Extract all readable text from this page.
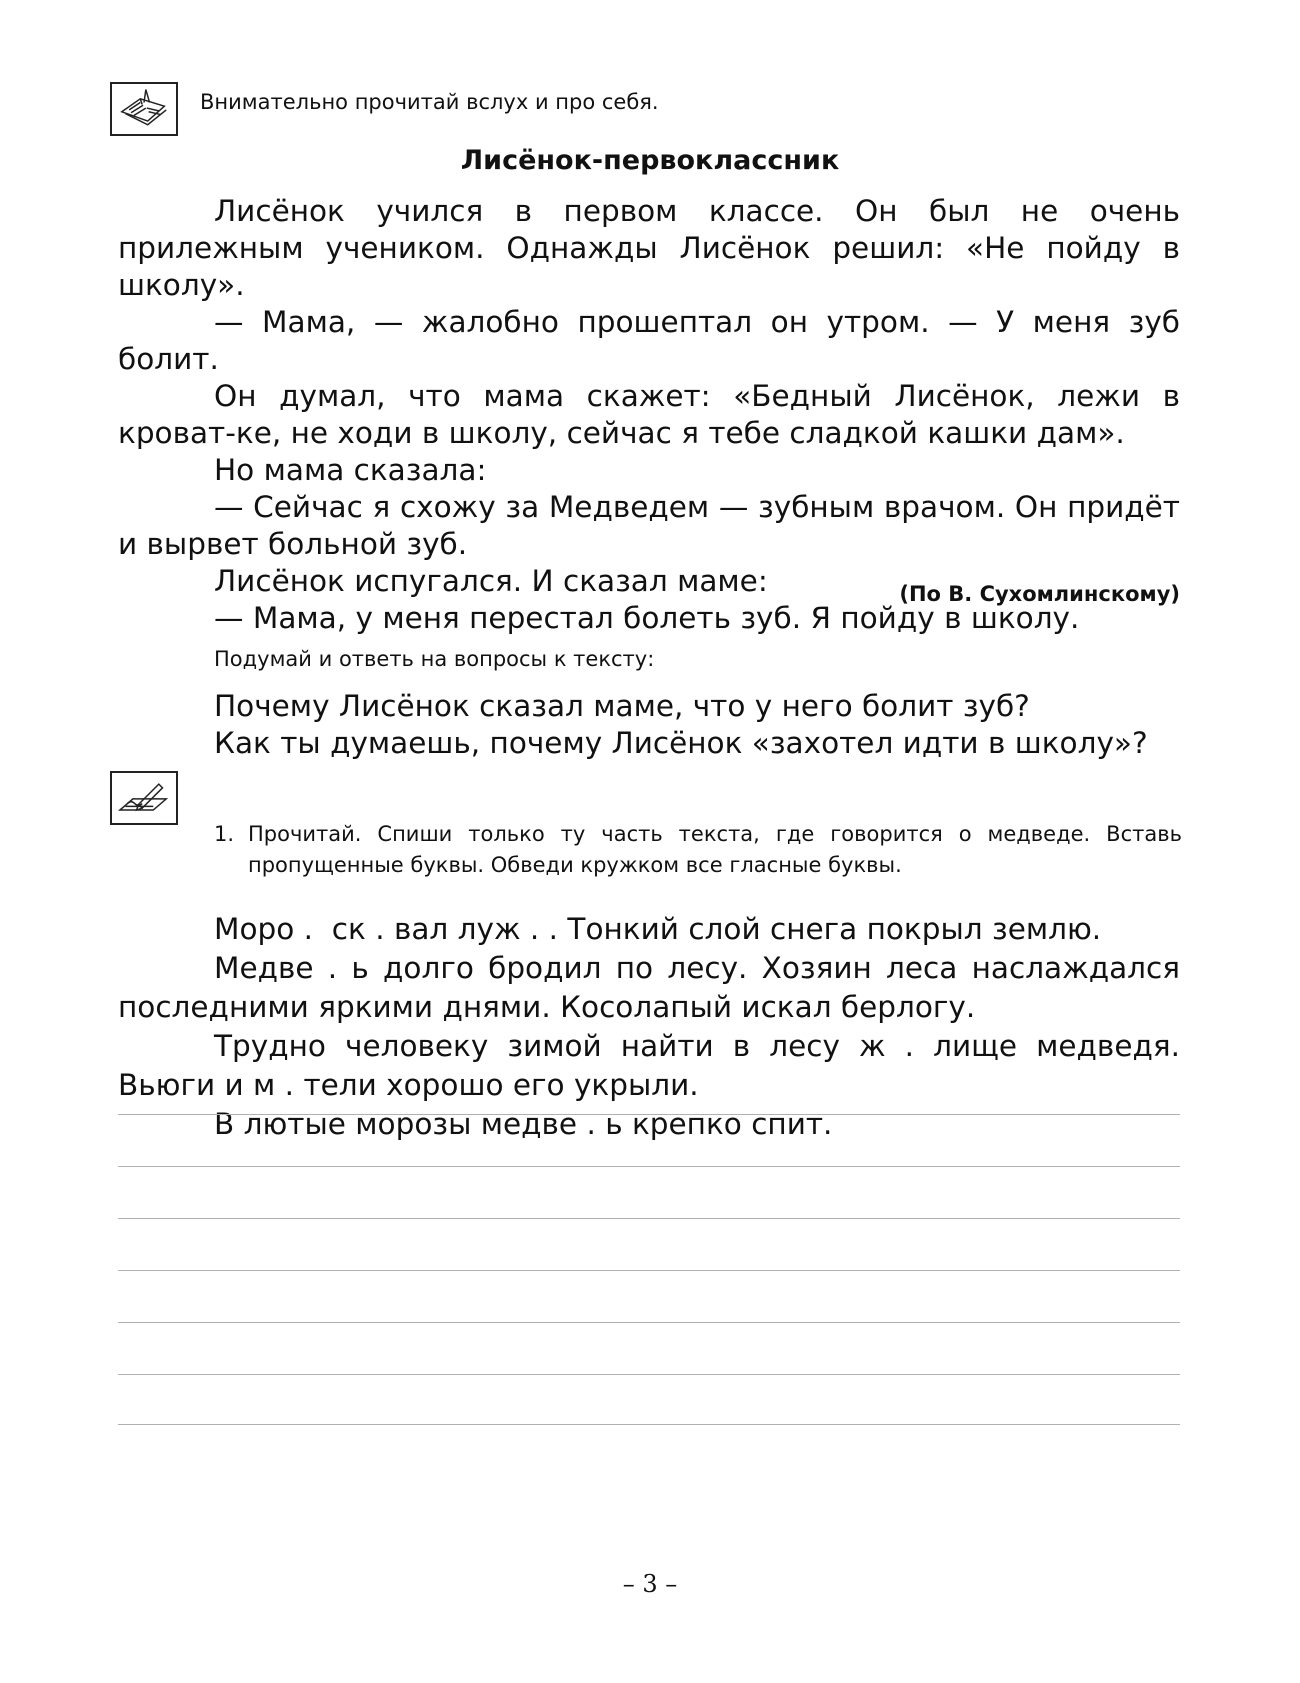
Внимательно прочитай вслух и про себя.
Лисёнок-первоклассник

Лисёнок учился в первом классе. Он был не очень прилежным учеником. Однажды Лисёнок решил: «Не пойду в школу».

— Мама, — жалобно прошептал он утром. — У меня зуб болит.

Он думал, что мама скажет: «Бедный Лисёнок, лежи в кроват-ке, не ходи в школу, сейчас я тебе сладкой кашки дам».

Но мама сказала:

— Сейчас я схожу за Медведем — зубным врачом. Он придёт и вырвет больной зуб.

Лисёнок испугался. И сказал маме:

— Мама, у меня перестал болеть зуб. Я пойду в школу.

(По В. Сухомлинскому)
Подумай и ответь на вопросы к тексту:
Почему Лисёнок сказал маме, что у него болит зуб?
Как ты думаешь, почему Лисёнок «захотел идти в школу»?
1. Прочитай. Спиши только ту часть текста, где говорится о медведе. Вставь пропущенные буквы. Обведи кружком все гласные буквы.

Моро .  ск . вал луж . . Тонкий слой снега покрыл землю.

Медве . ь долго бродил по лесу. Хозяин леса наслаждался последними яркими днями. Косолапый искал берлогу.

Трудно человеку зимой найти в лесу ж . лище медведя. Вьюги и м . тели хорошо его укрыли.

В лютые морозы медве . ь крепко спит.

– 3 –
